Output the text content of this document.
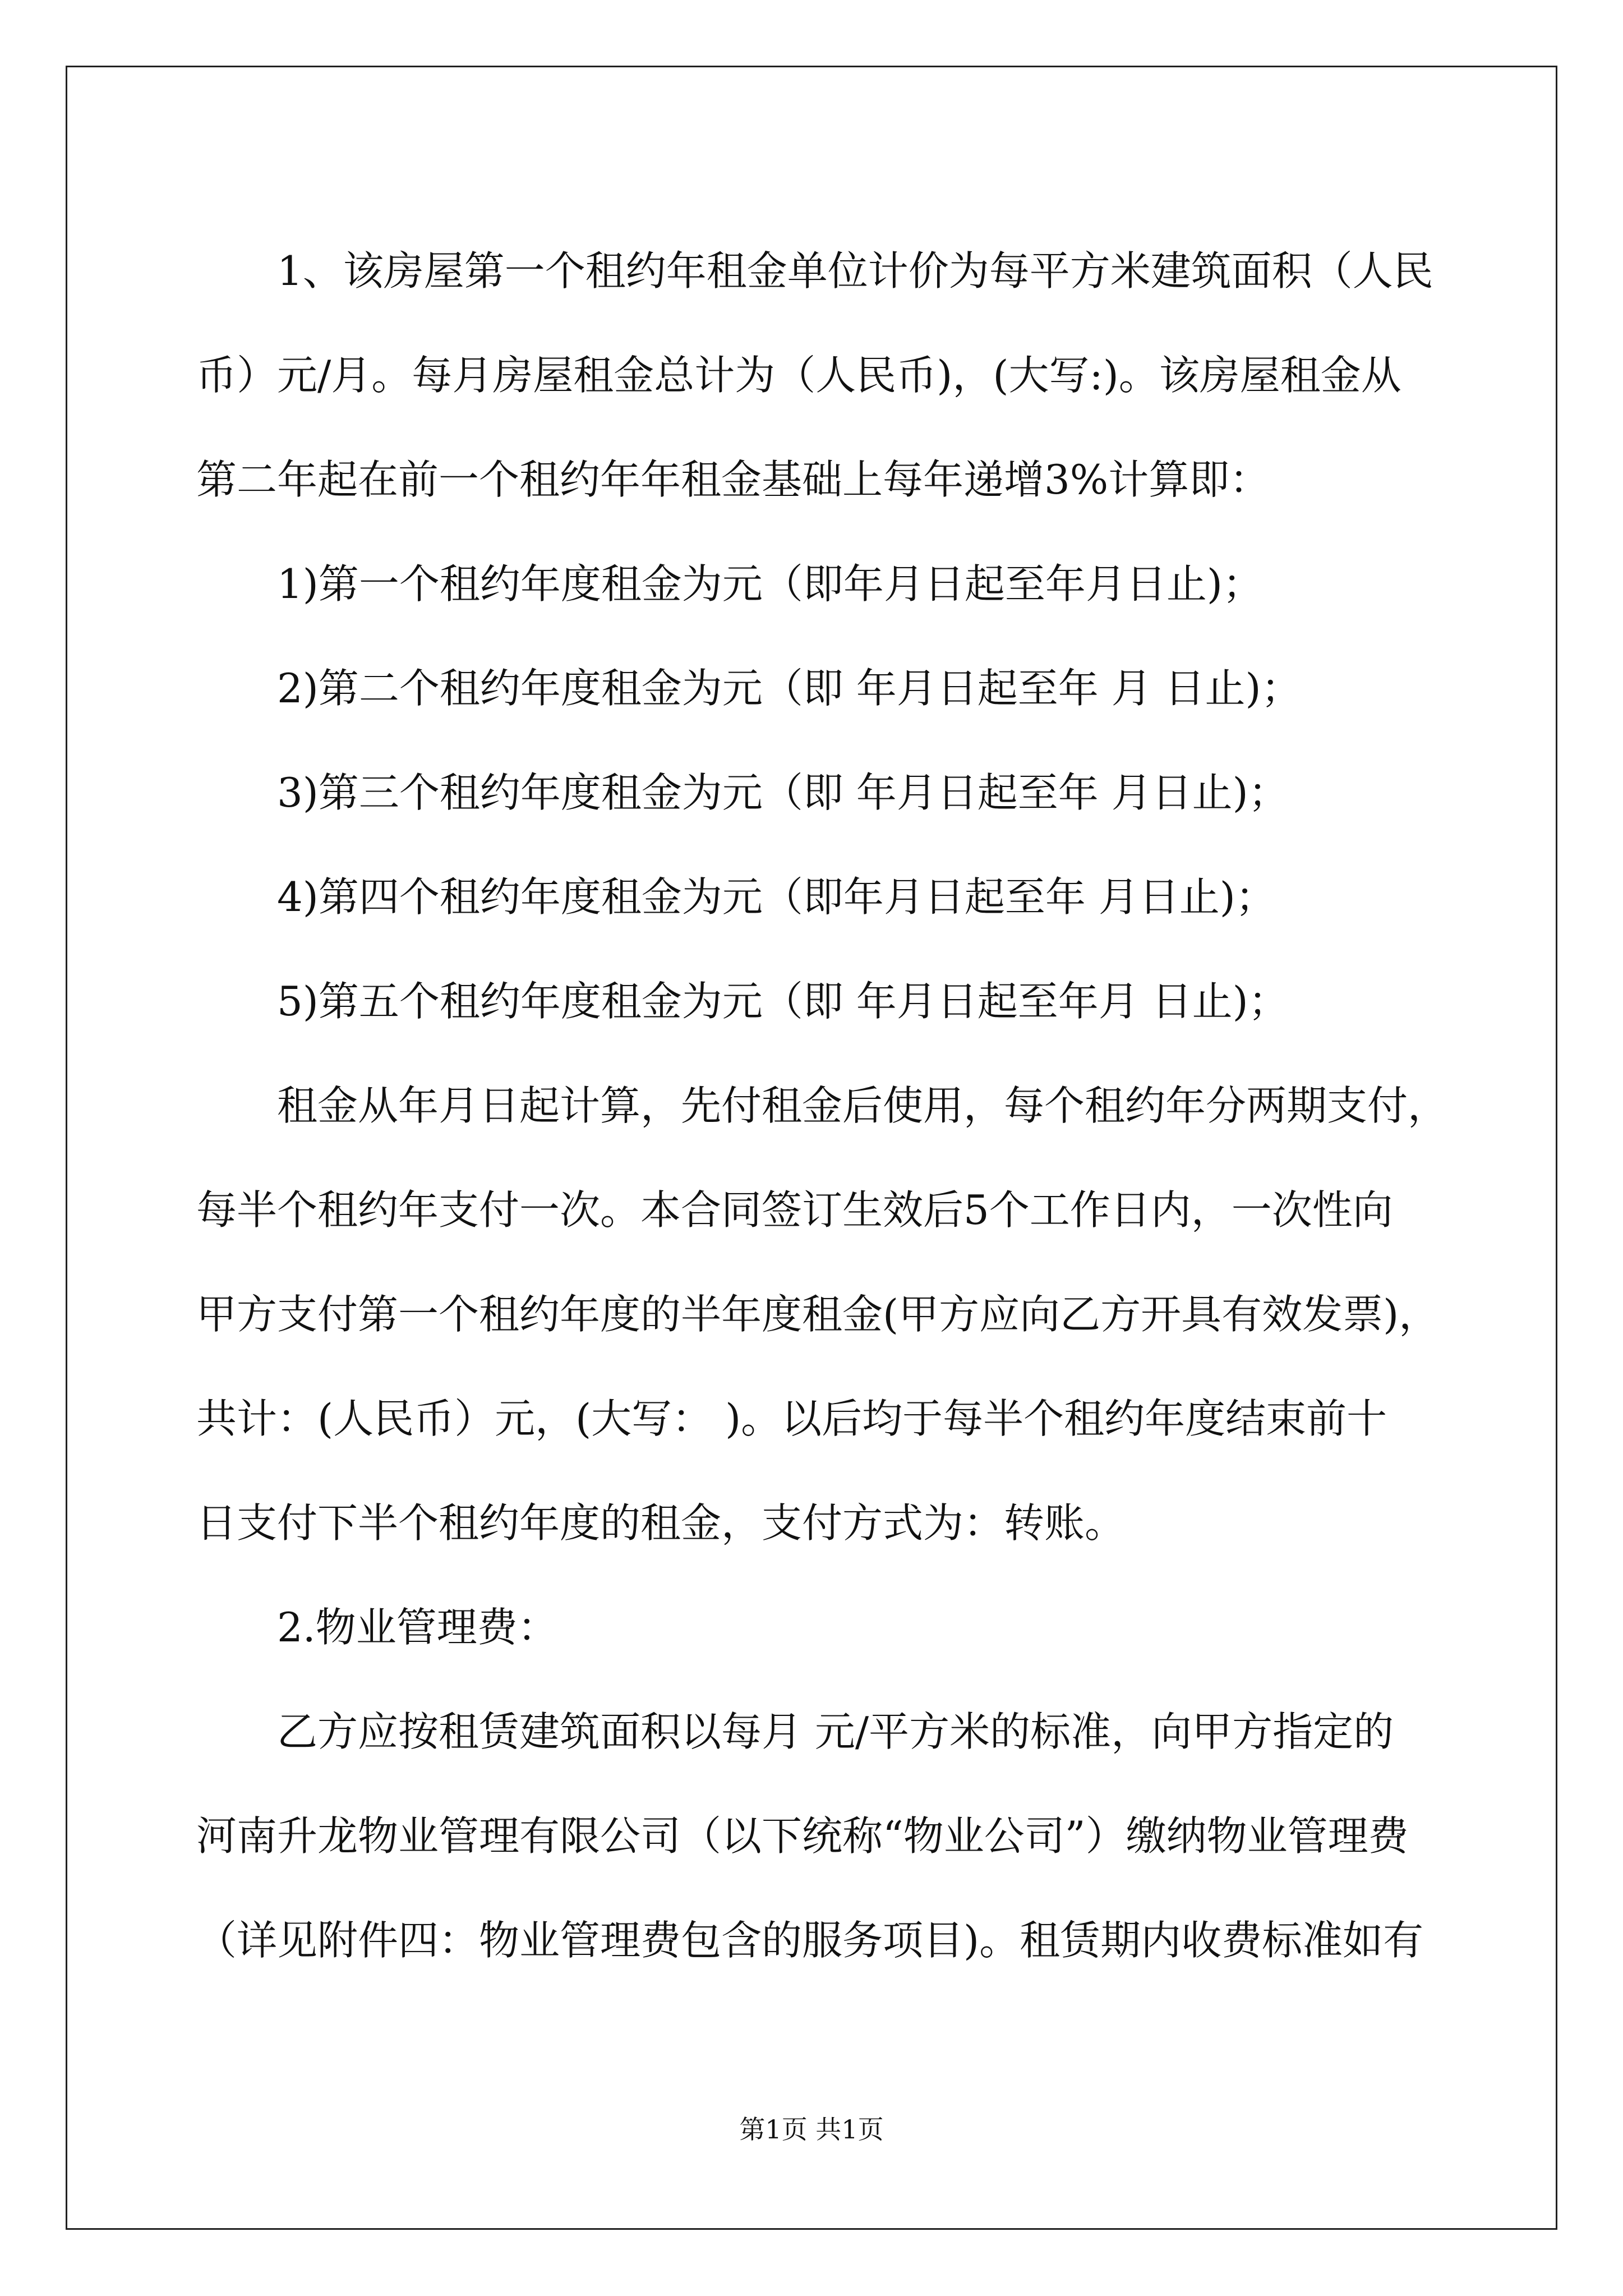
1、该房屋第一个租约年租金单位计价为每平方米建筑面积（人民
币）元/月。每月房屋租金总计为（人民币)，(大写:)。该房屋租金从
第二年起在前一个租约年年租金基础上每年递增3%计算即：
1)第一个租约年度租金为元（即年月日起至年月日止)；
2)第二个租约年度租金为元（即 年月日起至年 月 日止)；
3)第三个租约年度租金为元（即 年月日起至年 月日止)；
4)第四个租约年度租金为元（即年月日起至年 月日止)；
5)第五个租约年度租金为元（即 年月日起至年月 日止)；
租金从年月日起计算，先付租金后使用，每个租约年分两期支付，
每半个租约年支付一次。本合同签订生效后5个工作日内，一次性向
甲方支付第一个租约年度的半年度租金(甲方应向乙方开具有效发票)，
共计：(人民币）元，(大写： )。以后均于每半个租约年度结束前十
日支付下半个租约年度的租金，支付方式为：转账。
2.物业管理费：
乙方应按租赁建筑面积以每月 元/平方米的标准，向甲方指定的
河南升龙物业管理有限公司（以下统称“物业公司”）缴纳物业管理费
（详见附件四：物业管理费包含的服务项目)。租赁期内收费标准如有
第1页 共1页
